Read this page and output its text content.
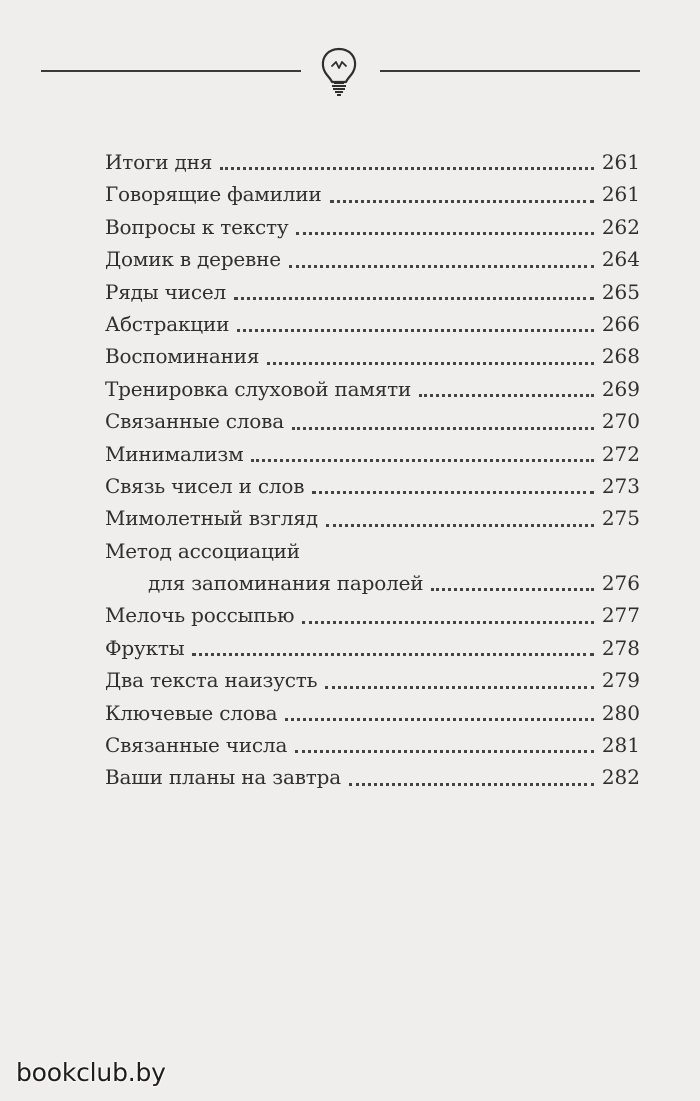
Итоги дня	261
Говорящие фамилии	261
Вопросы к тексту	262
Домик в деревне	264
Ряды чисел	265
Абстракции	266
Воспоминания	268
Тренировка слуховой памяти	269
Связанные слова	270
Минимализм	272
Связь чисел и слов	273
Мимолетный взгляд	275
Метод ассоциаций
для запоминания паролей	276
Мелочь россыпью	277
Фрукты	278
Два текста наизусть	279
Ключевые слова	280
Связанные числа	281
Ваши планы на завтра	282
bookclub.by
